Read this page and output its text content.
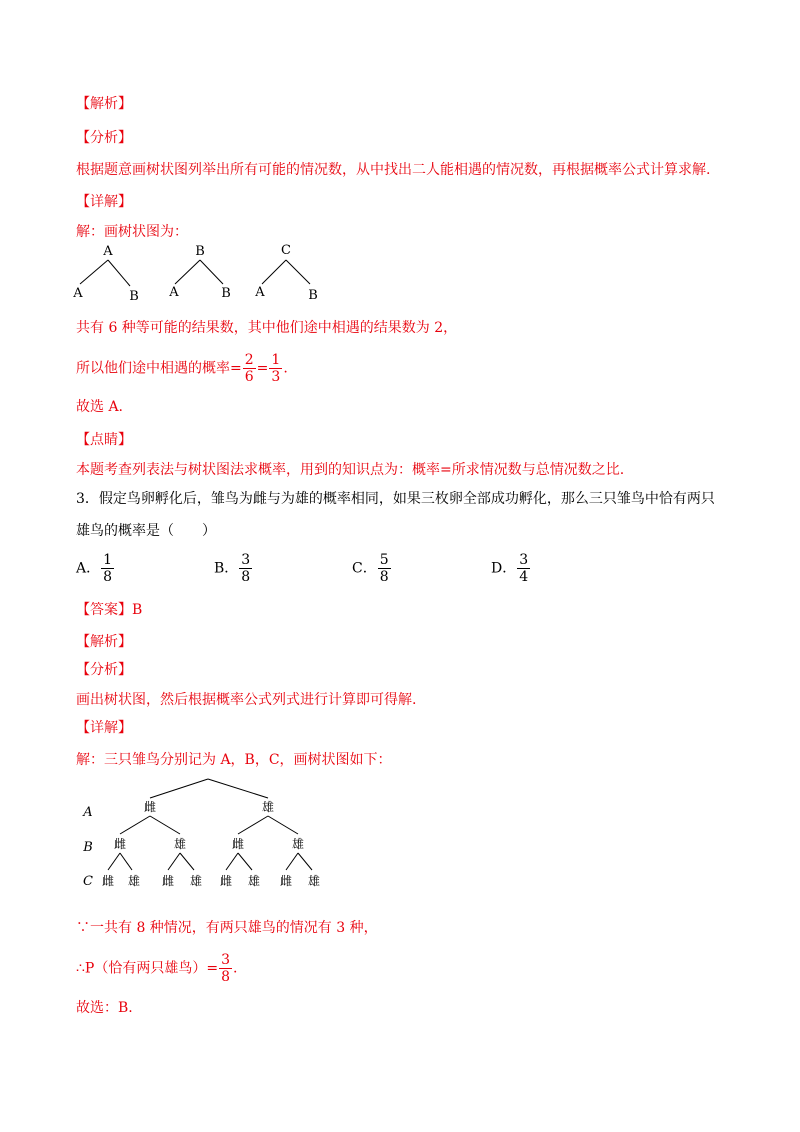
【解析】
【分析】
根据题意画树状图列举出所有可能的情况数，从中找出二人能相遇的情况数，再根据概率公式计算求解.
【详解】
解：画树状图为：
A
A	B
B
A	B
C
A	B
共有 6 种等可能的结果数，其中他们途中相遇的结果数为 2，
所以他们途中相遇的概率= $\frac{2}{6} = \frac{1}{3}$ .
故选 A.
【点睛】
本题考查列表法与树状图法求概率，用到的知识点为：概率=所求情况数与总情况数之比.
3．假定鸟卵孵化后，雏鸟为雌与为雄的概率相同，如果三枚卵全部成功孵化，那么三只雏鸟中恰有两只
雄鸟的概率是（　　）
A． $\frac{1}{8}$	B． $\frac{3}{8}$	C． $\frac{5}{8}$	D． $\frac{3}{4}$
【答案】B
【解析】
【分析】
画出树状图，然后根据概率公式列式进行计算即可得解.
【详解】
解：三只雏鸟分别记为 A，B，C，画树状图如下：
A
B
C
雌	雄
雌	雄	雌	雄
雌 雄 雌 雄 雌 雄 雌 雄
∵一共有 8 种情况，有两只雄鸟的情况有 3 种，
∴P（恰有两只雄鸟）= $\frac{3}{8}$ .
故选：B.
